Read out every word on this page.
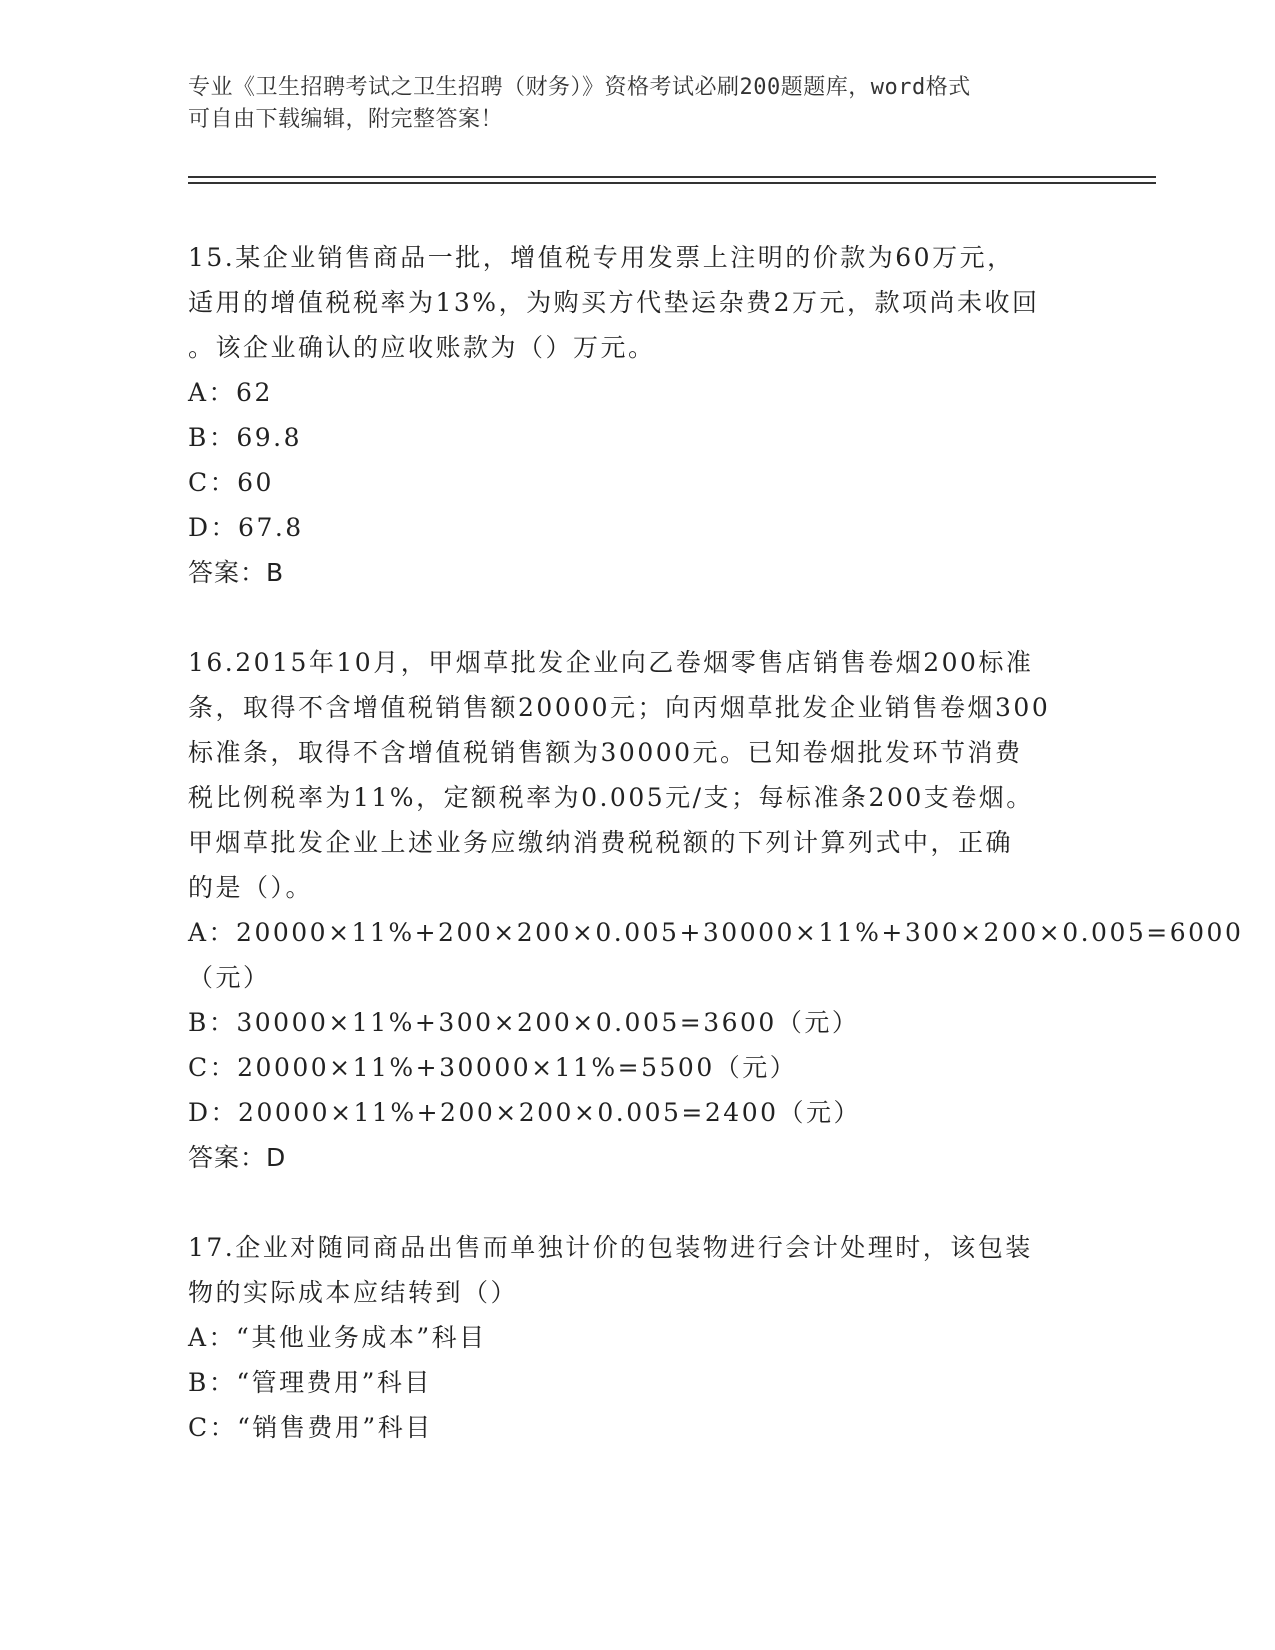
专业《卫生招聘考试之卫生招聘（财务）》资格考试必刷200题题库，word格式
可自由下载编辑，附完整答案！
15.某企业销售商品一批，增值税专用发票上注明的价款为60万元，
适用的增值税税率为13%，为购买方代垫运杂费2万元，款项尚未收回
。该企业确认的应收账款为（）万元。
A：62
B：69.8
C：60
D：67.8
答案：B
16.2015年10月，甲烟草批发企业向乙卷烟零售店销售卷烟200标准
条，取得不含增值税销售额20000元；向丙烟草批发企业销售卷烟300
标准条，取得不含增值税销售额为30000元。已知卷烟批发环节消费
税比例税率为11%，定额税率为0.005元/支；每标准条200支卷烟。
甲烟草批发企业上述业务应缴纳消费税税额的下列计算列式中，正确
的是（）。
A：20000×11%+200×200×0.005+30000×11%+300×200×0.005=6000
（元）
B：30000×11%+300×200×0.005=3600（元）
C：20000×11%+30000×11%=5500（元）
D：20000×11%+200×200×0.005=2400（元）
答案：D
17.企业对随同商品出售而单独计价的包装物进行会计处理时，该包装
物的实际成本应结转到（）
A：“其他业务成本”科目
B：“管理费用”科目
C：“销售费用”科目
